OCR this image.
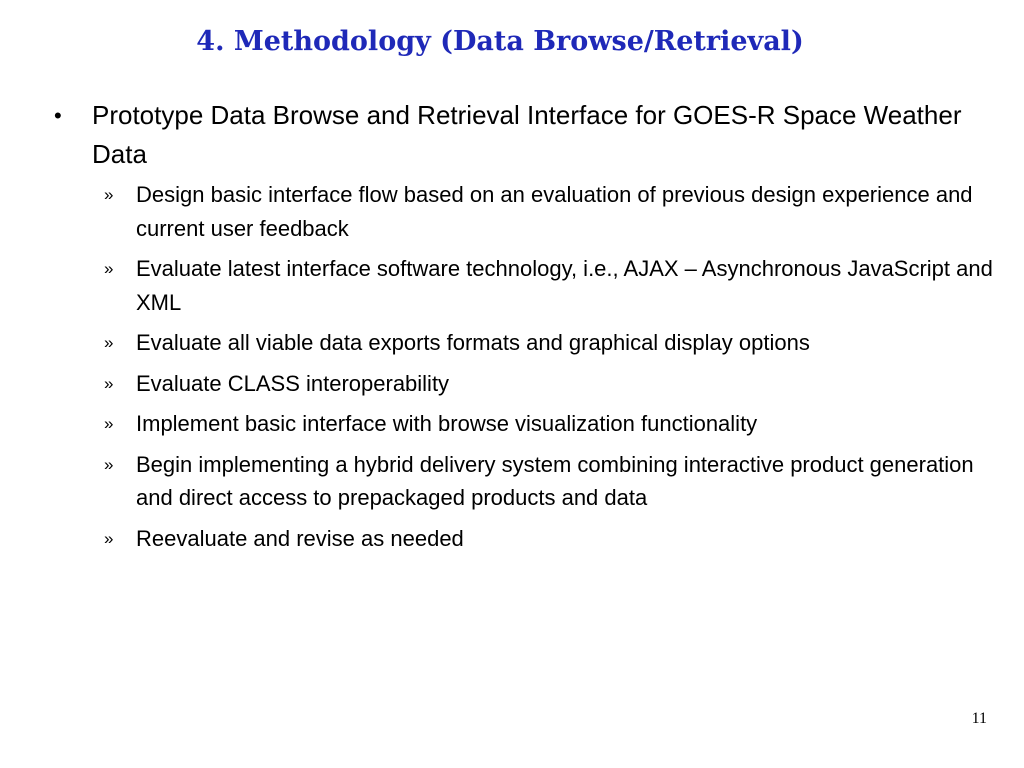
4. Methodology (Data Browse/Retrieval)
• Prototype Data Browse and Retrieval Interface for GOES-R Space Weather Data
» Design basic interface flow based on an evaluation of previous design experience and current user feedback
» Evaluate latest interface software technology, i.e., AJAX – Asynchronous JavaScript and XML
» Evaluate all viable data exports formats and graphical display options
» Evaluate CLASS interoperability
» Implement basic interface with browse visualization functionality
» Begin implementing a hybrid delivery system combining interactive product generation and direct access to prepackaged products and data
» Reevaluate and revise as needed
11
